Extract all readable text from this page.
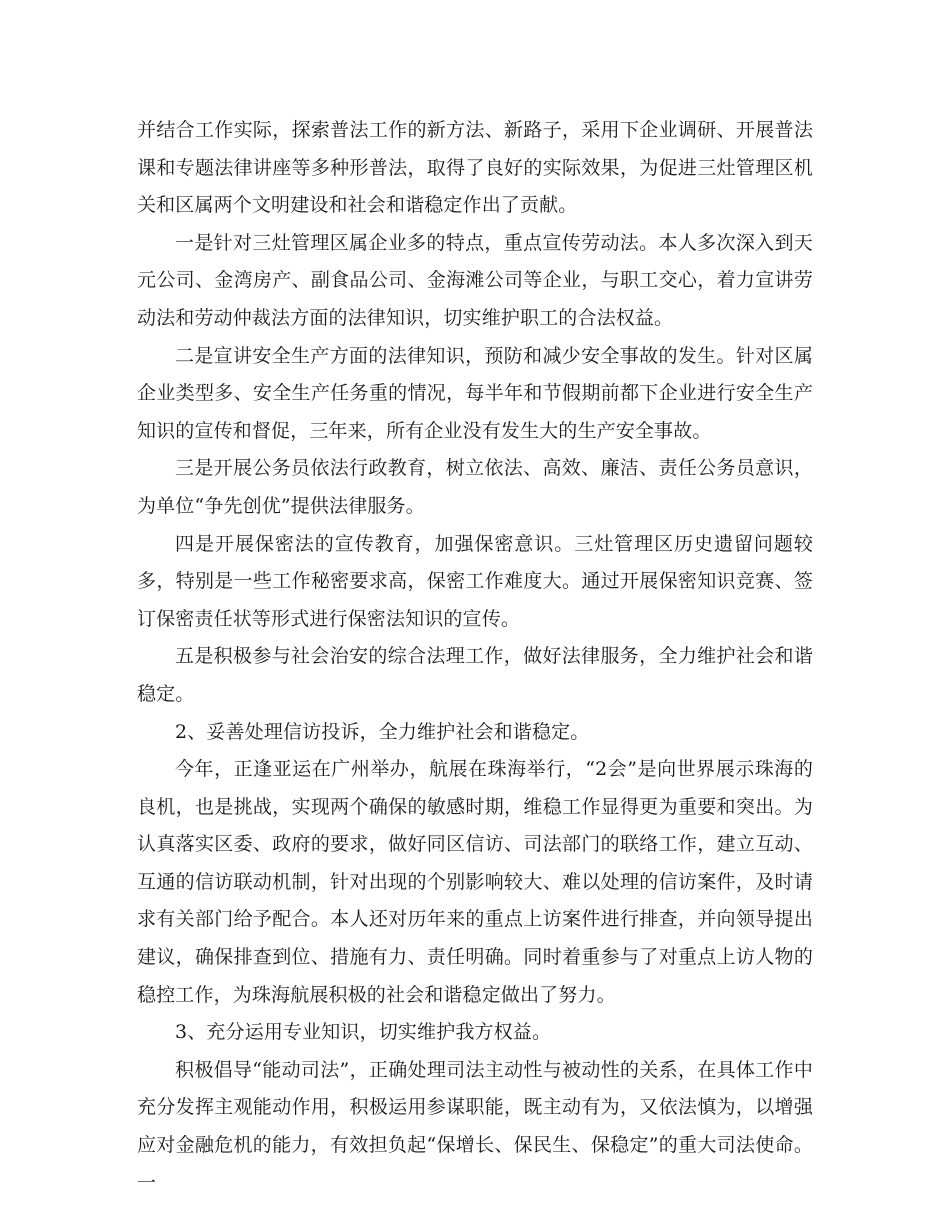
并结合工作实际，探索普法工作的新方法、新路子，采用下企业调研、开展普法课和专题法律讲座等多种形普法，取得了良好的实际效果，为促进三灶管理区机关和区属两个文明建设和社会和谐稳定作出了贡献。

一是针对三灶管理区属企业多的特点，重点宣传劳动法。本人多次深入到天元公司、金湾房产、副食品公司、金海滩公司等企业，与职工交心，着力宣讲劳动法和劳动仲裁法方面的法律知识，切实维护职工的合法权益。

二是宣讲安全生产方面的法律知识，预防和减少安全事故的发生。针对区属企业类型多、安全生产任务重的情况，每半年和节假期前都下企业进行安全生产知识的宣传和督促，三年来，所有企业没有发生大的生产安全事故。

三是开展公务员依法行政教育，树立依法、高效、廉洁、责任公务员意识，为单位“争先创优”提供法律服务。

四是开展保密法的宣传教育，加强保密意识。三灶管理区历史遗留问题较多，特别是一些工作秘密要求高，保密工作难度大。通过开展保密知识竞赛、签订保密责任状等形式进行保密法知识的宣传。

五是积极参与社会治安的综合法理工作，做好法律服务，全力维护社会和谐稳定。

2、妥善处理信访投诉，全力维护社会和谐稳定。

今年，正逢亚运在广州举办，航展在珠海举行，“2会”是向世界展示珠海的良机，也是挑战，实现两个确保的敏感时期，维稳工作显得更为重要和突出。为认真落实区委、政府的要求，做好同区信访、司法部门的联络工作，建立互动、互通的信访联动机制，针对出现的个别影响较大、难以处理的信访案件，及时请求有关部门给予配合。本人还对历年来的重点上访案件进行排查，并向领导提出建议，确保排查到位、措施有力、责任明确。同时着重参与了对重点上访人物的稳控工作，为珠海航展积极的社会和谐稳定做出了努力。

3、充分运用专业知识，切实维护我方权益。

积极倡导“能动司法”，正确处理司法主动性与被动性的关系，在具体工作中充分发挥主观能动作用，积极运用参谋职能，既主动有为，又依法慎为，以增强应对金融危机的能力，有效担负起“保增长、保民生、保稳定”的重大司法使命。一
